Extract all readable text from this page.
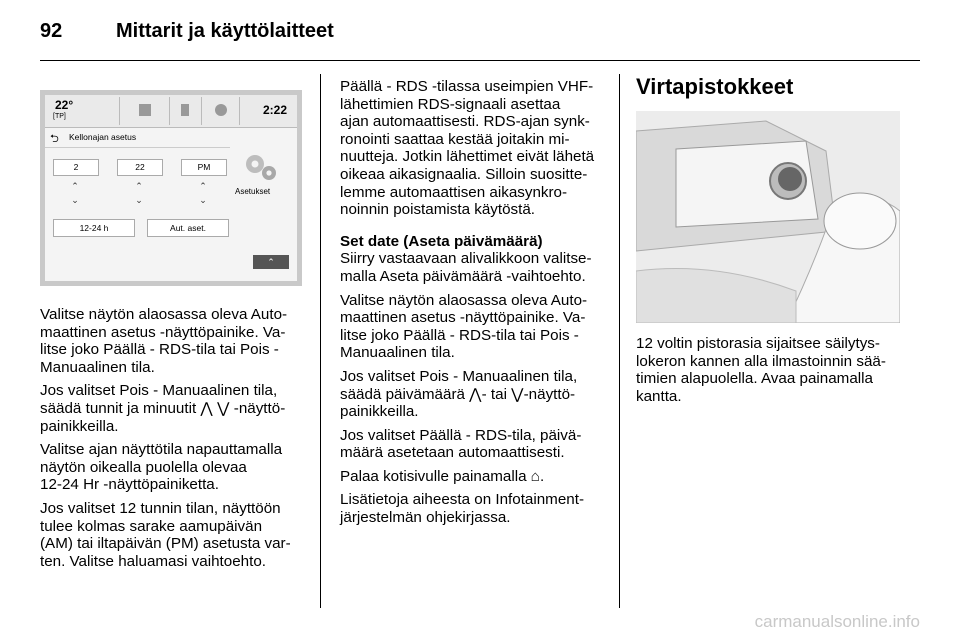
92	Mittarit ja käyttölaitteet
22°
[TP]	2:22
⮌ Kellonajan asetus
2	22	PM
⌃
⌄
⌃
⌄
⌃
⌄
12-24 h	Aut. aset.
Asetukset
⌃

Valitse näytön alaosassa oleva Auto-
maattinen asetus -näyttöpainike. Va-
litse joko Päällä - RDS-tila tai Pois -
Manuaalinen tila.

Jos valitset Pois - Manuaalinen tila,
säädä tunnit ja minuutit ⋀ ⋁ -näyttö-
painikkeilla.

Valitse ajan näyttötila napauttamalla
näytön oikealla puolella olevaa
12-24 Hr -näyttöpainiketta.

Jos valitset 12 tunnin tilan, näyttöön
tulee kolmas sarake aamupäivän
(AM) tai iltapäivän (PM) asetusta var-
ten. Valitse haluamasi vaihtoehto.

Päällä - RDS -tilassa useimpien VHF-
lähettimien RDS-signaali asettaa
ajan automaattisesti. RDS-ajan synk-
ronointi saattaa kestää joitakin mi-
nuutteja. Jotkin lähettimet eivät lähetä
oikeaa aikasignaalia. Silloin suositte-
lemme automaattisen aikasynkro-
noinnin poistamista käytöstä.

Set date (Aseta päivämäärä)

Siirry vastaavaan alivalikkoon valitse-
malla Aseta päivämäärä -vaihtoehto.

Valitse näytön alaosassa oleva Auto-
maattinen asetus -näyttöpainike. Va-
litse joko Päällä - RDS-tila tai Pois -
Manuaalinen tila.

Jos valitset Pois - Manuaalinen tila,
säädä päivämäärä ⋀- tai ⋁-näyttö-
painikkeilla.

Jos valitset Päällä - RDS-tila, päivä-
määrä asetetaan automaattisesti.

Palaa kotisivulle painamalla ⌂.

Lisätietoja aiheesta on Infotainment-
järjestelmän ohjekirjassa.

Virtapistokkeet

12 voltin pistorasia sijaitsee säilytys-
lokeron kannen alla ilmastoinnin sää-
timien alapuolella. Avaa painamalla
kantta.

carmanualsonline.info
